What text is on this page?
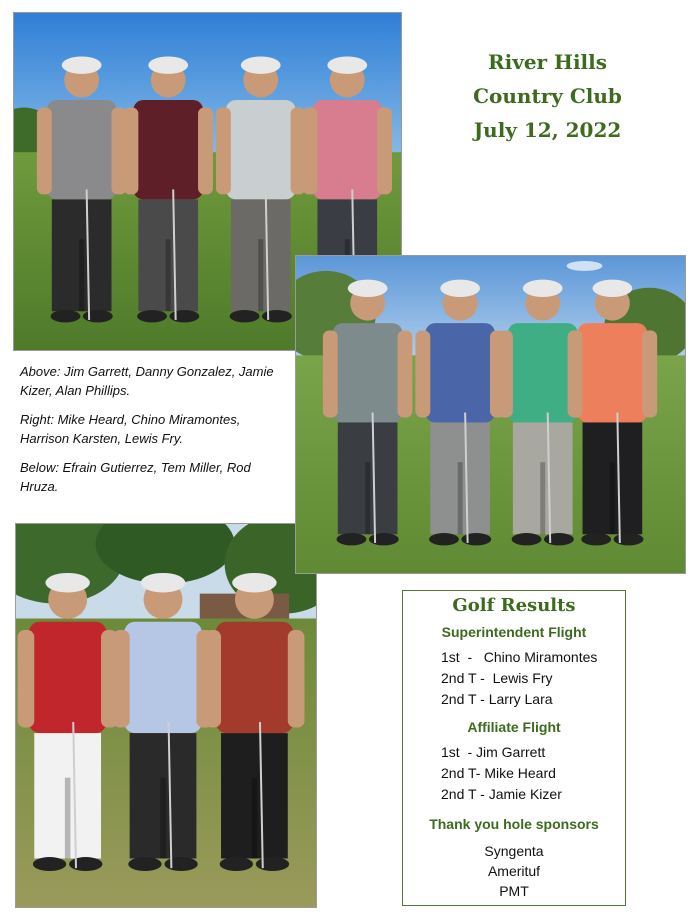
River Hills
Country Club
July 12, 2022

Above: Jim Garrett, Danny Gonzalez, Jamie Kizer, Alan Phillips.

Right: Mike Heard, Chino Miramontes, Harrison Karsten, Lewis Fry.

Below: Efrain Gutierrez, Tem Miller, Rod Hruza.

Golf Results
Superintendent Flight
1st  -   Chino Miramontes
2nd T -  Lewis Fry
2nd T - Larry Lara
Affiliate Flight
1st  - Jim Garrett
2nd T- Mike Heard
2nd T - Jamie Kizer
Thank you hole sponsors
Syngenta
Amerituf
PMT
